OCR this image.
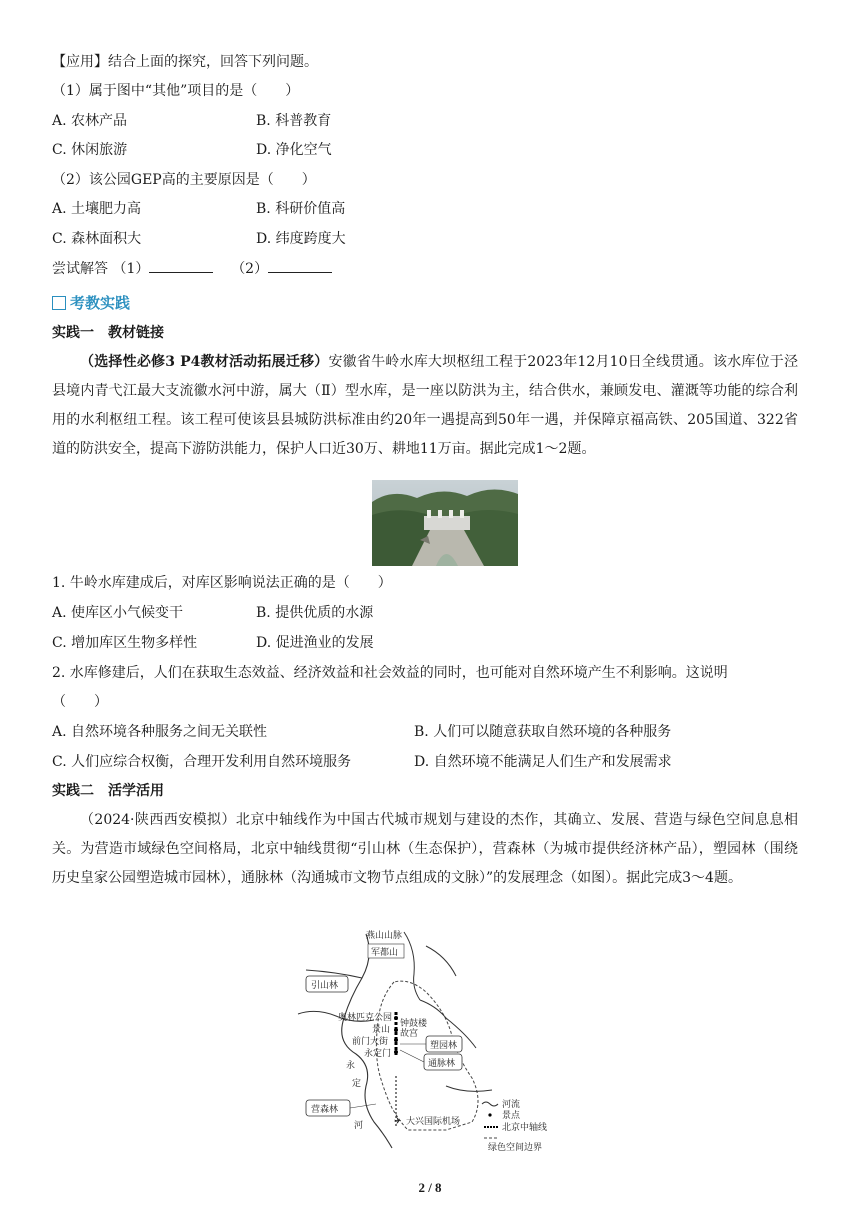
【应用】结合上面的探究，回答下列问题。
（1）属于图中“其他”项目的是（　　）
A. 农林产品	B. 科普教育
C. 休闲旅游	D. 净化空气
（2）该公园GEP高的主要原因是（　　）
A. 土壤肥力高	B. 科研价值高
C. 森林面积大	D. 纬度跨度大
尝试解答 （1）	（2）
考教实践
实践一　教材链接
（选择性必修3 P4教材活动拓展迁移）安徽省牛岭水库大坝枢纽工程于2023年12月10日全线贯通。该水库位于泾县境内青弋江最大支流徽水河中游，属大（Ⅱ）型水库，是一座以防洪为主，结合供水，兼顾发电、灌溉等功能的综合利用的水利枢纽工程。该工程可使该县县城防洪标准由约20年一遇提高到50年一遇，并保障京福高铁、205国道、322省道的防洪安全，提高下游防洪能力，保护人口近30万、耕地11万亩。据此完成1～2题。
1. 牛岭水库建成后，对库区影响说法正确的是（　　）
A. 使库区小气候变干	B. 提供优质的水源
C. 增加库区生物多样性	D. 促进渔业的发展
2. 水库修建后，人们在获取生态效益、经济效益和社会效益的同时，也可能对自然环境产生不利影响。这说明
（　　）
A. 自然环境各种服务之间无关联性	B. 人们可以随意获取自然环境的各种服务
C. 人们应综合权衡，合理开发利用自然环境服务	D. 自然环境不能满足人们生产和发展需求
实践二　活学活用
（2024·陕西西安模拟）北京中轴线作为中国古代城市规划与建设的杰作，其确立、发展、营造与绿色空间息息相关。为营造市域绿色空间格局，北京中轴线贯彻“引山林（生态保护），营森林（为城市提供经济林产品），塑园林（围绕历史皇家公园塑造城市园林），通脉林（沟通城市文物节点组成的文脉）”的发展理念（如图）。据此完成3～4题。
燕山山脉
军都山
引山林
奥林匹克公园
钟鼓楼
景山 故宫
前门大街
永定门
塑园林
通脉林
永
定
河
营森林
✈ 大兴国际机场
河流
景点
北京中轴线
绿色空间边界
2 / 8
